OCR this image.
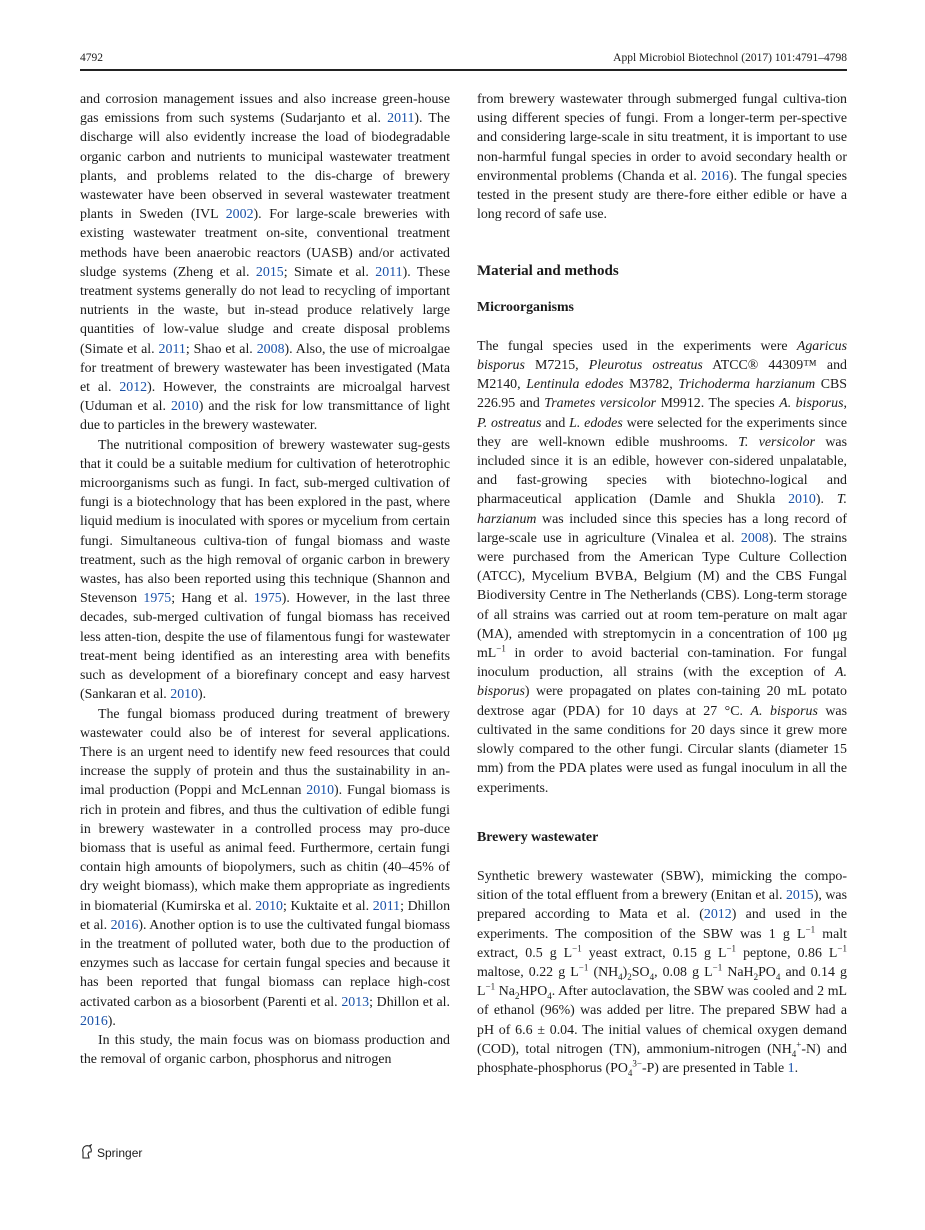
4792	Appl Microbiol Biotechnol (2017) 101:4791–4798

and corrosion management issues and also increase green-house gas emissions from such systems (Sudarjanto et al. 2011). The discharge will also evidently increase the load of biodegradable organic carbon and nutrients to municipal wastewater treatment plants, and problems related to the dis-charge of brewery wastewater have been observed in several wastewater treatment plants in Sweden (IVL 2002). For large-scale breweries with existing wastewater treatment on-site, conventional treatment methods have been anaerobic reactors (UASB) and/or activated sludge systems (Zheng et al. 2015; Simate et al. 2011). These treatment systems generally do not lead to recycling of important nutrients in the waste, but in-stead produce relatively large quantities of low-value sludge and create disposal problems (Simate et al. 2011; Shao et al. 2008). Also, the use of microalgae for treatment of brewery wastewater has been investigated (Mata et al. 2012). However, the constraints are microalgal harvest (Uduman et al. 2010) and the risk for low transmittance of light due to particles in the brewery wastewater.

The nutritional composition of brewery wastewater sug-gests that it could be a suitable medium for cultivation of heterotrophic microorganisms such as fungi. In fact, sub-merged cultivation of fungi is a biotechnology that has been explored in the past, where liquid medium is inoculated with spores or mycelium from certain fungi. Simultaneous cultiva-tion of fungal biomass and waste treatment, such as the high removal of organic carbon in brewery wastes, has also been reported using this technique (Shannon and Stevenson 1975; Hang et al. 1975). However, in the last three decades, sub-merged cultivation of fungal biomass has received less atten-tion, despite the use of filamentous fungi for wastewater treat-ment being identified as an interesting area with benefits such as development of a biorefinary concept and easy harvest (Sankaran et al. 2010).

The fungal biomass produced during treatment of brewery wastewater could also be of interest for several applications. There is an urgent need to identify new feed resources that could increase the supply of protein and thus the sustainability in an-imal production (Poppi and McLennan 2010). Fungal biomass is rich in protein and fibres, and thus the cultivation of edible fungi in brewery wastewater in a controlled process may pro-duce biomass that is useful as animal feed. Furthermore, certain fungi contain high amounts of biopolymers, such as chitin (40–45% of dry weight biomass), which make them appropriate as ingredients in biomaterial (Kumirska et al. 2010; Kuktaite et al. 2011; Dhillon et al. 2016). Another option is to use the cultivated fungal biomass in the treatment of polluted water, both due to the production of enzymes such as laccase for certain fungal species and because it has been reported that fungal biomass can replace high-cost activated carbon as a biosorbent (Parenti et al. 2013; Dhillon et al. 2016).

In this study, the main focus was on biomass production and the removal of organic carbon, phosphorus and nitrogen

from brewery wastewater through submerged fungal cultiva-tion using different species of fungi. From a longer-term per-spective and considering large-scale in situ treatment, it is important to use non-harmful fungal species in order to avoid secondary health or environmental problems (Chanda et al. 2016). The fungal species tested in the present study are there-fore either edible or have a long record of safe use.

Material and methods

Microorganisms

The fungal species used in the experiments were Agaricus bisporus M7215, Pleurotus ostreatus ATCC® 44309™ and M2140, Lentinula edodes M3782, Trichoderma harzianum CBS 226.95 and Trametes versicolor M9912. The species A. bisporus, P. ostreatus and L. edodes were selected for the experiments since they are well-known edible mushrooms. T. versicolor was included since it is an edible, however con-sidered unpalatable, and fast-growing species with biotechno-logical and pharmaceutical application (Damle and Shukla 2010). T. harzianum was included since this species has a long record of large-scale use in agriculture (Vinalea et al. 2008). The strains were purchased from the American Type Culture Collection (ATCC), Mycelium BVBA, Belgium (M) and the CBS Fungal Biodiversity Centre in The Netherlands (CBS). Long-term storage of all strains was carried out at room tem-perature on malt agar (MA), amended with streptomycin in a concentration of 100 μg $mL^{-1}$ in order to avoid bacterial con-tamination. For fungal inoculum production, all strains (with the exception of A. bisporus) were propagated on plates con-taining 20 mL potato dextrose agar (PDA) for 10 days at 27 °C. A. bisporus was cultivated in the same conditions for 20 days since it grew more slowly compared to the other fungi. Circular slants (diameter 15 mm) from the PDA plates were used as fungal inoculum in all the experiments.

Brewery wastewater

Synthetic brewery wastewater (SBW), mimicking the compo-sition of the total effluent from a brewery (Enitan et al. 2015), was prepared according to Mata et al. (2012) and used in the experiments. The composition of the SBW was 1 g $L^{-1}$ malt extract, 0.5 g $L^{-1}$ yeast extract, 0.15 g $L^{-1}$ peptone, 0.86 $L^{-1}$ maltose, 0.22 g $L^{-1}$ $(NH_4)_2SO_4$, 0.08 g $L^{-1}$ $NaH_2PO_4$ and 0.14 g $L^{-1}$ $Na_2HPO_4$. After autoclavation, the SBW was cooled and 2 mL of ethanol (96%) was added per litre. The prepared SBW had a pH of 6.6 ± 0.04. The initial values of chemical oxygen demand (COD), total nitrogen (TN), ammonium-nitrogen $(NH_4^+-N)$ and phosphate-phosphorus $(PO_4^{3-}-P)$ are presented in Table 1.

Springer
